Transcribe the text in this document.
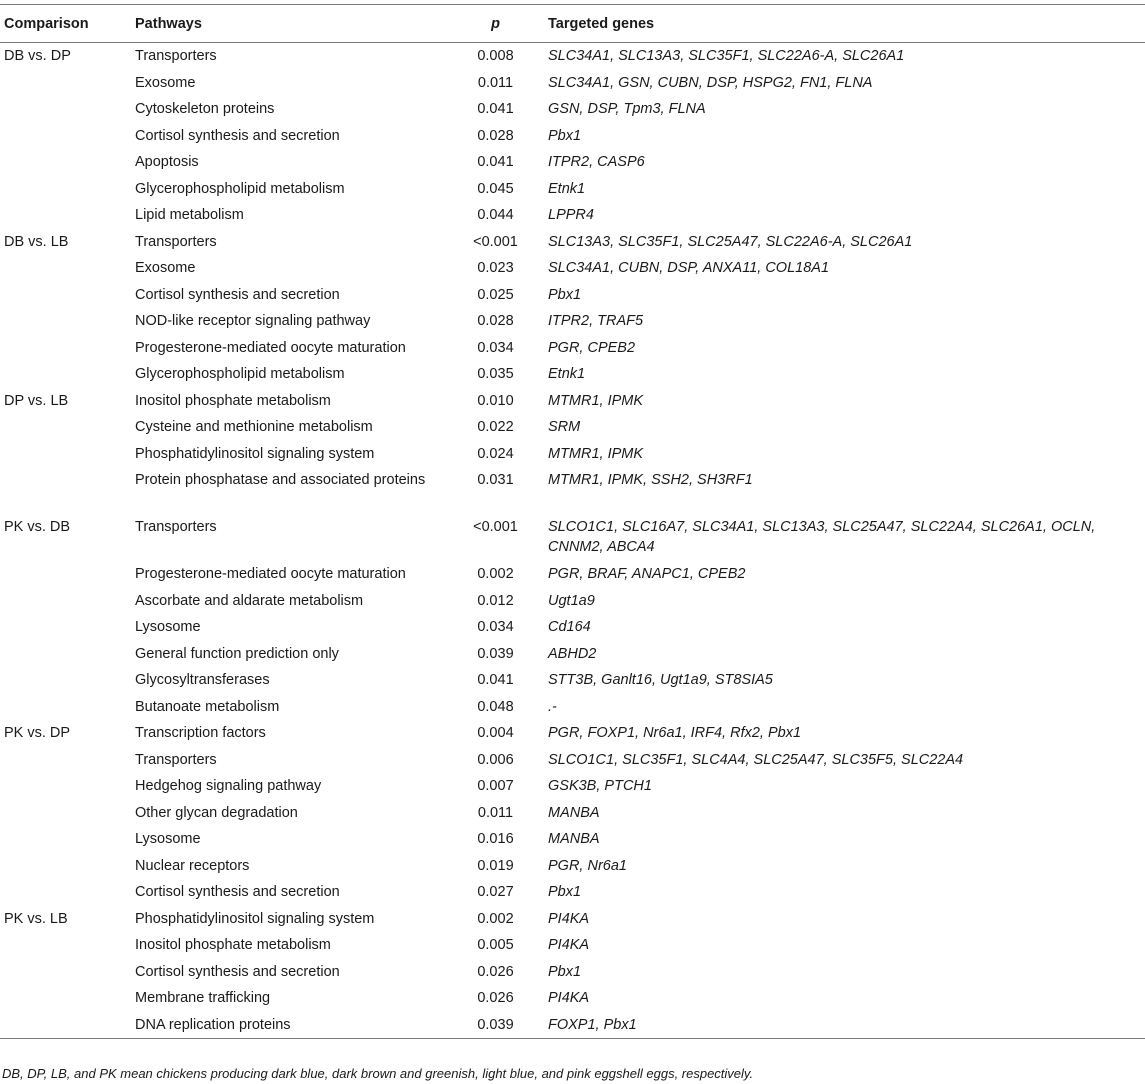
Comparison	Pathways	p	Targeted genes
DB vs. DP	Transporters	0.008	SLC34A1, SLC13A3, SLC35F1, SLC22A6-A, SLC26A1
	Exosome	0.011	SLC34A1, GSN, CUBN, DSP, HSPG2, FN1, FLNA
	Cytoskeleton proteins	0.041	GSN, DSP, Tpm3, FLNA
	Cortisol synthesis and secretion	0.028	Pbx1
	Apoptosis	0.041	ITPR2, CASP6
	Glycerophospholipid metabolism	0.045	Etnk1
	Lipid metabolism	0.044	LPPR4
DB vs. LB	Transporters	<0.001	SLC13A3, SLC35F1, SLC25A47, SLC22A6-A, SLC26A1
	Exosome	0.023	SLC34A1, CUBN, DSP, ANXA11, COL18A1
	Cortisol synthesis and secretion	0.025	Pbx1
	NOD-like receptor signaling pathway	0.028	ITPR2, TRAF5
	Progesterone-mediated oocyte maturation	0.034	PGR, CPEB2
	Glycerophospholipid metabolism	0.035	Etnk1
DP vs. LB	Inositol phosphate metabolism	0.010	MTMR1, IPMK
	Cysteine and methionine metabolism	0.022	SRM
	Phosphatidylinositol signaling system	0.024	MTMR1, IPMK
	Protein phosphatase and associated proteins	0.031	MTMR1, IPMK, SSH2, SH3RF1
PK vs. DB	Transporters	<0.001	SLCO1C1, SLC16A7, SLC34A1, SLC13A3, SLC25A47, SLC22A4, SLC26A1, OCLN, CNNM2, ABCA4
	Progesterone-mediated oocyte maturation	0.002	PGR, BRAF, ANAPC1, CPEB2
	Ascorbate and aldarate metabolism	0.012	Ugt1a9
	Lysosome	0.034	Cd164
	General function prediction only	0.039	ABHD2
	Glycosyltransferases	0.041	STT3B, Ganlt16, Ugt1a9, ST8SIA5
	Butanoate metabolism	0.048	.-
PK vs. DP	Transcription factors	0.004	PGR, FOXP1, Nr6a1, IRF4, Rfx2, Pbx1
	Transporters	0.006	SLCO1C1, SLC35F1, SLC4A4, SLC25A47, SLC35F5, SLC22A4
	Hedgehog signaling pathway	0.007	GSK3B, PTCH1
	Other glycan degradation	0.011	MANBA
	Lysosome	0.016	MANBA
	Nuclear receptors	0.019	PGR, Nr6a1
	Cortisol synthesis and secretion	0.027	Pbx1
PK vs. LB	Phosphatidylinositol signaling system	0.002	PI4KA
	Inositol phosphate metabolism	0.005	PI4KA
	Cortisol synthesis and secretion	0.026	Pbx1
	Membrane trafficking	0.026	PI4KA
	DNA replication proteins	0.039	FOXP1, Pbx1
DB, DP, LB, and PK mean chickens producing dark blue, dark brown and greenish, light blue, and pink eggshell eggs, respectively.
